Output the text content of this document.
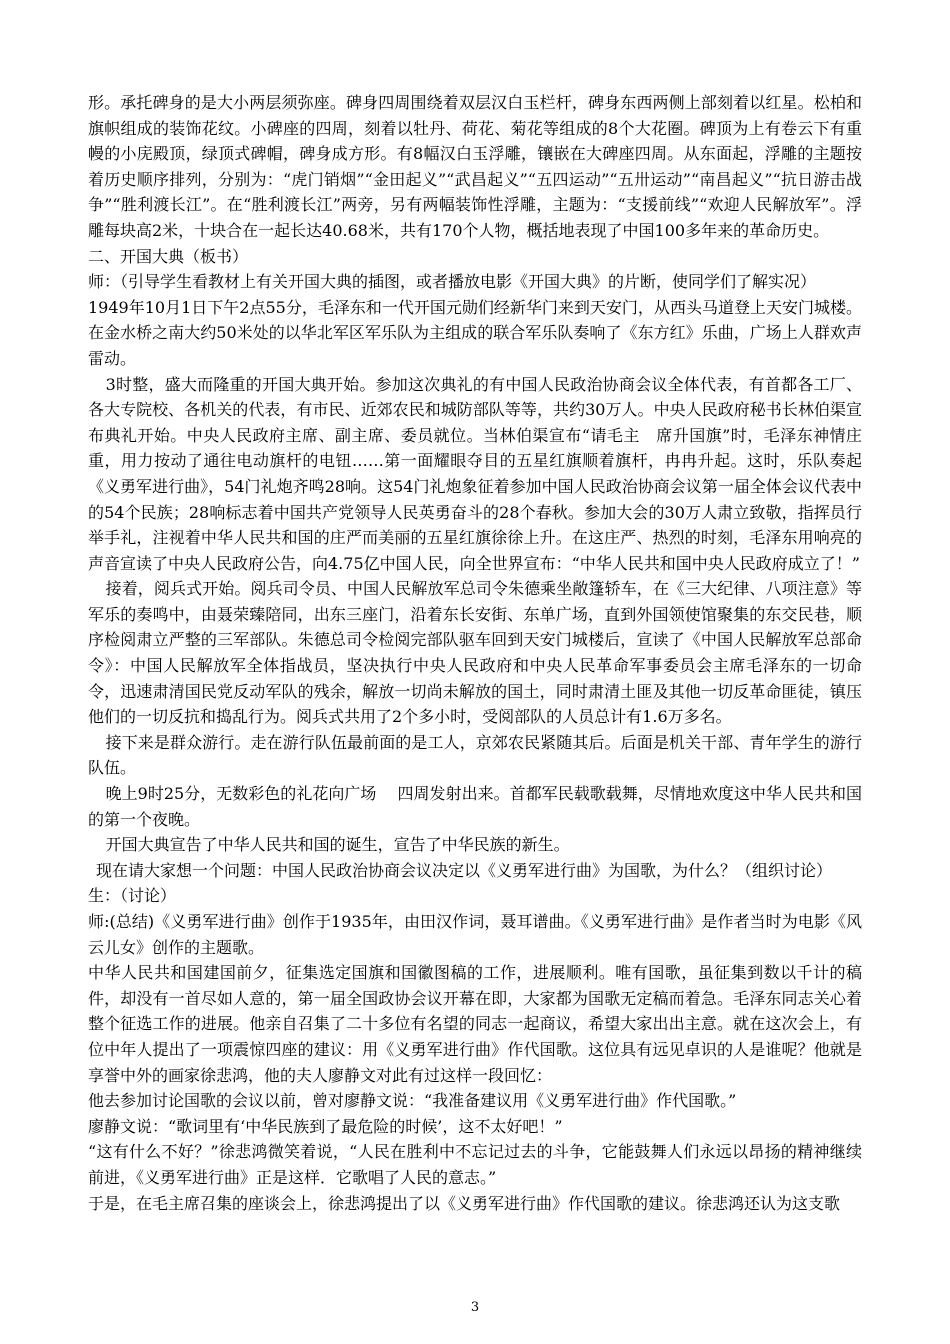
形。承托碑身的是大小两层须弥座。碑身四周围绕着双层汉白玉栏杆，碑身东西两侧上部刻着以红星。松柏和旗帜组成的装饰花纹。小碑座的四周，刻着以牡丹、荷花、菊花等组成的8个大花圈。碑顶为上有卷云下有重幔的小庑殿顶，绿顶式碑帽，碑身成方形。有8幅汉白玉浮雕，镶嵌在大碑座四周。从东面起，浮雕的主题按着历史顺序排列，分别为：“虎门销烟”“金田起义”“武昌起义”“五四运动”“五卅运动”“南昌起义”“抗日游击战争”“胜利渡长江”。在“胜利渡长江”两旁，另有两幅装饰性浮雕，主题为：“支援前线”“欢迎人民解放军”。浮雕每块高2米，十块合在一起长达40.68米，共有170个人物，概括地表现了中国100多年来的革命历史。

二、开国大典（板书）

师：（引导学生看教材上有关开国大典的插图，或者播放电影《开国大典》的片断，使同学们了解实况）

1949年10月1日下午2点55分，毛泽东和一代开国元勋们经新华门来到天安门，从西头马道登上天安门城楼。在金水桥之南大约50米处的以华北军区军乐队为主组成的联合军乐队奏响了《东方红》乐曲，广场上人群欢声雷动。

3时整，盛大而隆重的开国大典开始。参加这次典礼的有中国人民政治协商会议全体代表，有首都各工厂、各大专院校、各机关的代表，有市民、近郊农民和城防部队等等，共约30万人。中央人民政府秘书长林伯渠宣布典礼开始。中央人民政府主席、副主席、委员就位。当林伯渠宣布“请毛主　席升国旗”时，毛泽东神情庄重，用力按动了通往电动旗杆的电钮……第一面耀眼夺目的五星红旗顺着旗杆，冉冉升起。这时，乐队奏起《义勇军进行曲》，54门礼炮齐鸣28响。这54门礼炮象征着参加中国人民政治协商会议第一届全体会议代表中的54个民族；28响标志着中国共产党领导人民英勇奋斗的28个春秋。参加大会的30万人肃立致敬，指挥员行举手礼，注视着中华人民共和国的庄严而美丽的五星红旗徐徐上升。在这庄严、热烈的时刻，毛泽东用响亮的声音宣读了中央人民政府公告，向4.75亿中国人民，向全世界宣布：“中华人民共和国中央人民政府成立了！”

接着，阅兵式开始。阅兵司令员、中国人民解放军总司令朱德乘坐敞篷轿车，在《三大纪律、八项注意》等军乐的奏鸣中，由聂荣臻陪同，出东三座门，沿着东长安街、东单广场，直到外国领使馆聚集的东交民巷，顺序检阅肃立严整的三军部队。朱德总司令检阅完部队驱车回到天安门城楼后，宣读了《中国人民解放军总部命令》：中国人民解放军全体指战员，坚决执行中央人民政府和中央人民革命军事委员会主席毛泽东的一切命令，迅速肃清国民党反动军队的残余，解放一切尚未解放的国土，同时肃清土匪及其他一切反革命匪徒，镇压他们的一切反抗和捣乱行为。阅兵式共用了2个多小时，受阅部队的人员总计有1.6万多名。

接下来是群众游行。走在游行队伍最前面的是工人，京郊农民紧随其后。后面是机关干部、青年学生的游行队伍。

晚上9时25分，无数彩色的礼花向广场　 四周发射出来。首都军民载歌载舞，尽情地欢度这中华人民共和国的第一个夜晚。

开国大典宣告了中华人民共和国的诞生，宣告了中华民族的新生。

现在请大家想一个问题：中国人民政治协商会议决定以《义勇军进行曲》为国歌，为什么？（组织讨论）

生：（讨论）

师:(总结)《义勇军进行曲》创作于1935年，由田汉作词，聂耳谱曲。《义勇军进行曲》是作者当时为电影《风云儿女》创作的主题歌。

中华人民共和国建国前夕，征集选定国旗和国徽图稿的工作，进展顺利。唯有国歌，虽征集到数以千计的稿件，却没有一首尽如人意的，第一届全国政协会议开幕在即，大家都为国歌无定稿而着急。毛泽东同志关心着整个征选工作的进展。他亲自召集了二十多位有名望的同志一起商议，希望大家出出主意。就在这次会上，有位中年人提出了一项震惊四座的建议：用《义勇军进行曲》作代国歌。这位具有远见卓识的人是谁呢？他就是享誉中外的画家徐悲鸿，他的夫人廖静文对此有过这样一段回忆：

他去参加讨论国歌的会议以前，曾对廖静文说：“我准备建议用《义勇军进行曲》作代国歌。”

廖静文说：“歌词里有‘中华民族到了最危险的时候’，这不太好吧！”

“这有什么不好？”徐悲鸿微笑着说，“人民在胜利中不忘记过去的斗争，它能鼓舞人们永远以昂扬的精神继续前进，《义勇军进行曲》正是这样．它歌唱了人民的意志。”

于是，在毛主席召集的座谈会上，徐悲鸿提出了以《义勇军进行曲》作代国歌的建议。徐悲鸿还认为这支歌

3
